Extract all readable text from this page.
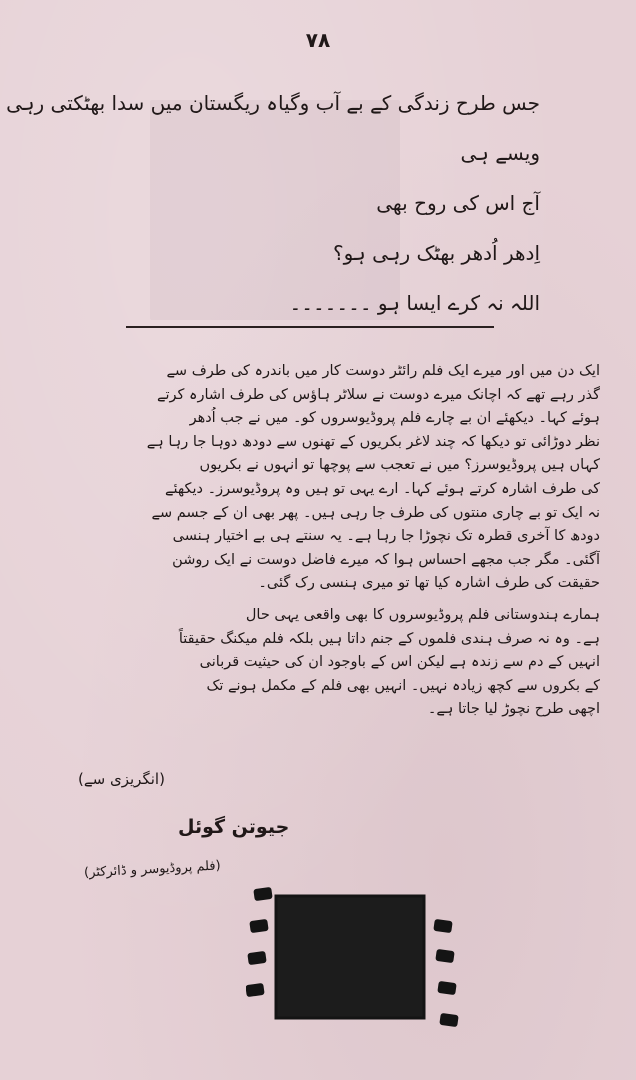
۷۸
جس طرح زندگی کے بے آب وگیاہ ریگستان میں سدا بھٹکتی رہی
ویسے ہی
آج اس کی روح بھی
اِدھر اُدھر بھٹک رہی ہو؟
اللہ نہ کرے ایسا ہو ۔۔۔۔۔۔۔
ایک دن میں اور میرے ایک فلم رائٹر دوست کار میں باندرہ کی طرف سے
گذر رہے تھے کہ اچانک میرے دوست نے سلاٹر ہاؤس کی طرف اشارہ کرتے
ہوئے کہا۔ دیکھئے ان بے چارے فلم پروڈیوسروں کو۔ میں نے جب اُدھر
نظر دوڑائی تو دیکھا کہ چند لاغر بکریوں کے تھنوں سے دودھ دوہا جا رہا ہے
کہاں ہیں پروڈیوسرز؟ میں نے تعجب سے پوچھا تو انہوں نے بکریوں
کی طرف اشارہ کرتے ہوئے کہا۔ ارے یہی تو ہیں وہ پروڈیوسرز۔ دیکھئے
نہ ایک تو بے چاری منتوں کی طرف جا رہی ہیں۔ پھر بھی ان کے جسم سے
دودھ کا آخری قطرہ تک نچوڑا جا رہا ہے۔ یہ سنتے ہی بے اختیار ہنسی
آگئی۔ مگر جب مجھے احساس ہوا کہ میرے فاضل دوست نے ایک روشن
حقیقت کی طرف اشارہ کیا تھا تو میری ہنسی رک گئی۔
ہمارے ہندوستانی فلم پروڈیوسروں کا بھی واقعی یہی حال
ہے۔ وہ نہ صرف ہندی فلموں کے جنم داتا ہیں بلکہ فلم میکنگ حقیقتاً
انہیں کے دم سے زندہ ہے لیکن اس کے باوجود ان کی حیثیت قربانی
کے بکروں سے کچھ زیادہ نہیں۔ انہیں بھی فلم کے مکمل ہونے تک
اچھی طرح نچوڑ لیا جاتا ہے۔
(انگریزی سے)
جیوتن گوئل
(فلم پروڈیوسر و ڈائرکٹر)
